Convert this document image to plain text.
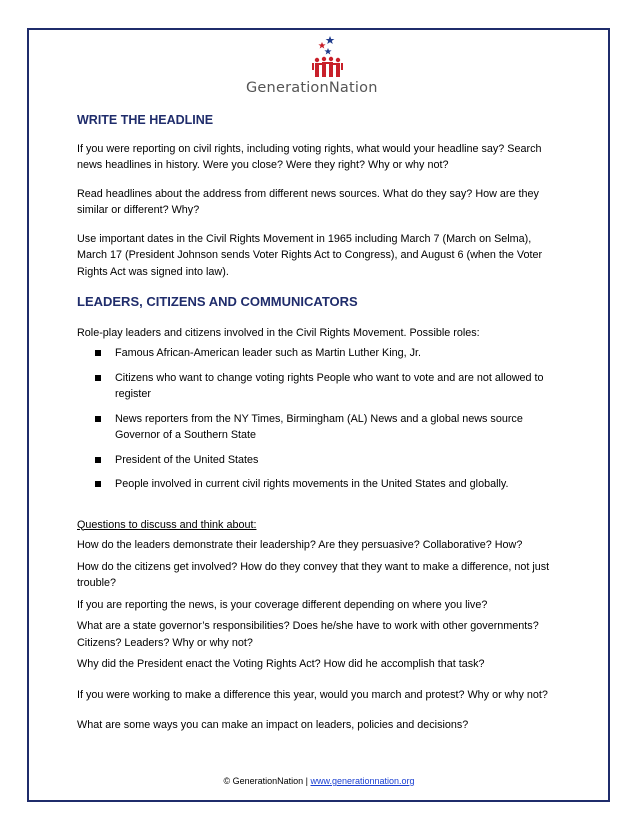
GenerationNation
WRITE THE HEADLINE

If you were reporting on civil rights, including voting rights, what would your headline say? Search news headlines in history. Were you close? Were they right? Why or why not?

Read headlines about the address from different news sources. What do they say? How are they similar or different? Why?

Use important dates in the Civil Rights Movement in 1965 including March 7 (March on Selma), March 17 (President Johnson sends Voter Rights Act to Congress), and August 6 (when the Voter Rights Act was signed into law).

LEADERS, CITIZENS AND COMMUNICATORS

Role-play leaders and citizens involved in the Civil Rights Movement. Possible roles:

Famous African-American leader such as Martin Luther King, Jr.
Citizens who want to change voting rights People who want to vote and are not allowed to register
News reporters from the NY Times, Birmingham (AL) News and a global news source Governor of a Southern State
President of the United States
People involved in current civil rights movements in the United States and globally.

Questions to discuss and think about:

How do the leaders demonstrate their leadership? Are they persuasive? Collaborative? How?

How do the citizens get involved? How do they convey that they want to make a difference, not just trouble?

If you are reporting the news, is your coverage different depending on where you live?

What are a state governor’s responsibilities? Does he/she have to work with other governments? Citizens? Leaders? Why or why not?

Why did the President enact the Voting Rights Act? How did he accomplish that task?

If you were working to make a difference this year, would you march and protest? Why or why not?

What are some ways you can make an impact on leaders, policies and decisions?

© GenerationNation | www.generationnation.org
